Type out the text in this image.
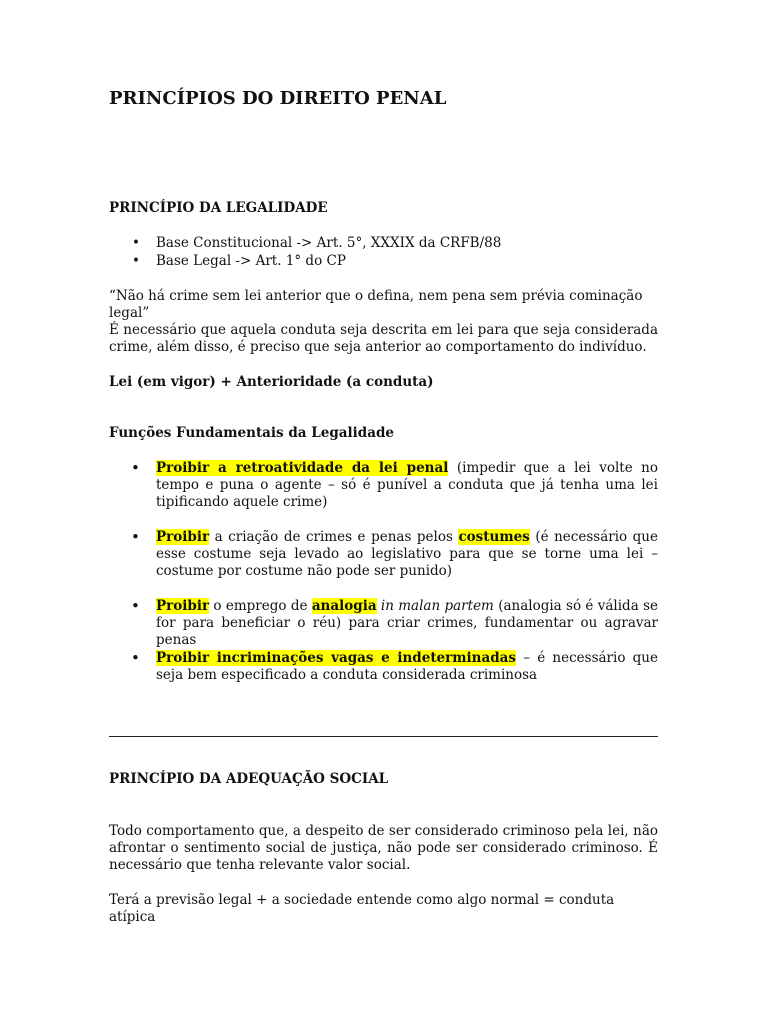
PRINCÍPIOS DO DIREITO PENAL
PRINCÍPIO DA LEGALIDADE
• Base Constitucional -> Art. 5°, XXXIX da CRFB/88
• Base Legal -> Art. 1° do CP
“Não há crime sem lei anterior que o defina, nem pena sem prévia cominação legal”
É necessário que aquela conduta seja descrita em lei para que seja considerada crime, além disso, é preciso que seja anterior ao comportamento do indivíduo.
Lei (em vigor) + Anterioridade (a conduta)
Funções Fundamentais da Legalidade
• Proibir a retroatividade da lei penal (impedir que a lei volte no tempo e puna o agente – só é punível a conduta que já tenha uma lei tipificando aquele crime)
• Proibir a criação de crimes e penas pelos costumes (é necessário que esse costume seja levado ao legislativo para que se torne uma lei – costume por costume não pode ser punido)
• Proibir o emprego de analogia in malan partem (analogia só é válida se for para beneficiar o réu) para criar crimes, fundamentar ou agravar penas
• Proibir incriminações vagas e indeterminadas – é necessário que seja bem especificado a conduta considerada criminosa
PRINCÍPIO DA ADEQUAÇÃO SOCIAL
Todo comportamento que, a despeito de ser considerado criminoso pela lei, não afrontar o sentimento social de justiça, não pode ser considerado criminoso. É necessário que tenha relevante valor social.
Terá a previsão legal + a sociedade entende como algo normal = conduta atípica
